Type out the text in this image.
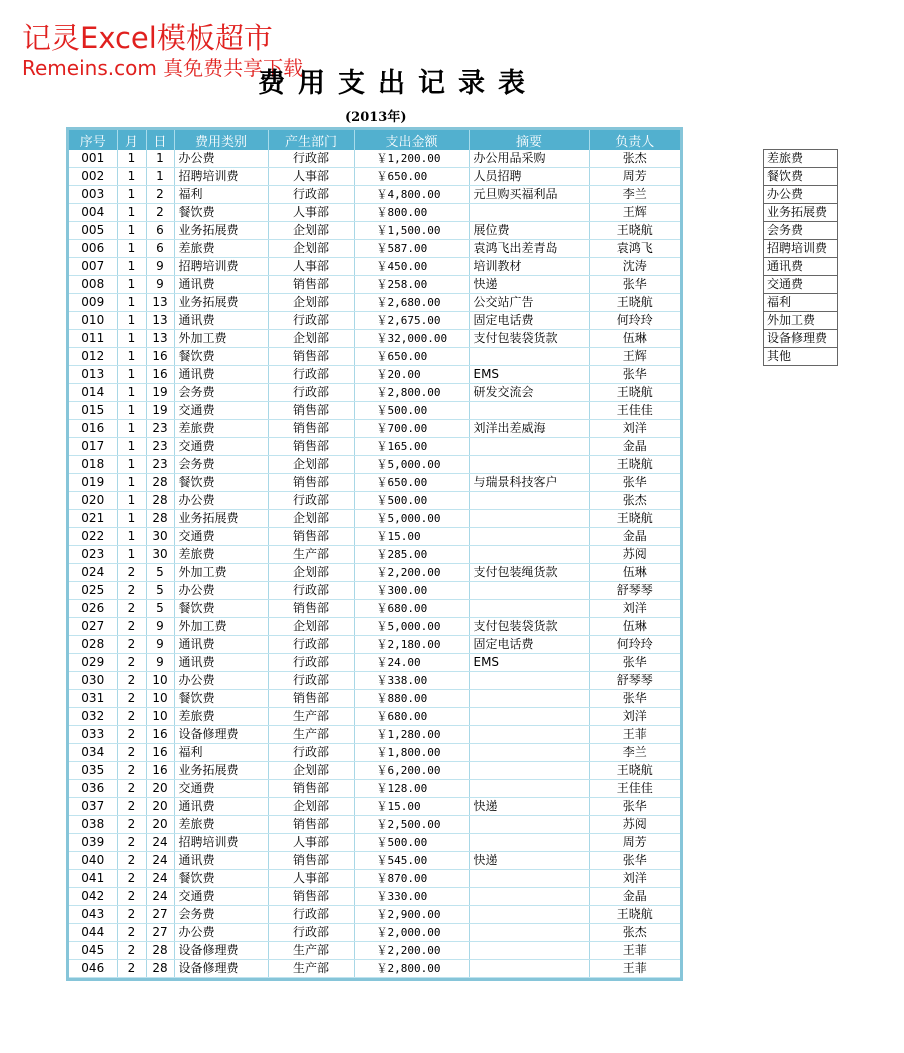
记灵Excel模板超市
Remeins.com 真免费共享下载
费用支出记录表
(2013年)
序号	月	日	费用类别	产生部门	支出金额	摘要	负责人
001	1	1	办公费	行政部	￥1,200.00	办公用品采购	张杰
002	1	1	招聘培训费	人事部	￥650.00	人员招聘	周芳
003	1	2	福利	行政部	￥4,800.00	元旦购买福利品	李兰
004	1	2	餐饮费	人事部	￥800.00		王辉
005	1	6	业务拓展费	企划部	￥1,500.00	展位费	王晓航
006	1	6	差旅费	企划部	￥587.00	袁鸿飞出差青岛	袁鸿飞
007	1	9	招聘培训费	人事部	￥450.00	培训教材	沈涛
008	1	9	通讯费	销售部	￥258.00	快递	张华
009	1	13	业务拓展费	企划部	￥2,680.00	公交站广告	王晓航
010	1	13	通讯费	行政部	￥2,675.00	固定电话费	何玲玲
011	1	13	外加工费	企划部	￥32,000.00	支付包装袋货款	伍琳
012	1	16	餐饮费	销售部	￥650.00		王辉
013	1	16	通讯费	行政部	￥20.00	EMS	张华
014	1	19	会务费	行政部	￥2,800.00	研发交流会	王晓航
015	1	19	交通费	销售部	￥500.00		王佳佳
016	1	23	差旅费	销售部	￥700.00	刘洋出差威海	刘洋
017	1	23	交通费	销售部	￥165.00		金晶
018	1	23	会务费	企划部	￥5,000.00		王晓航
019	1	28	餐饮费	销售部	￥650.00	与瑞景科技客户	张华
020	1	28	办公费	行政部	￥500.00		张杰
021	1	28	业务拓展费	企划部	￥5,000.00		王晓航
022	1	30	交通费	销售部	￥15.00		金晶
023	1	30	差旅费	生产部	￥285.00		苏阅
024	2	5	外加工费	企划部	￥2,200.00	支付包装绳货款	伍琳
025	2	5	办公费	行政部	￥300.00		舒琴琴
026	2	5	餐饮费	销售部	￥680.00		刘洋
027	2	9	外加工费	企划部	￥5,000.00	支付包装袋货款	伍琳
028	2	9	通讯费	行政部	￥2,180.00	固定电话费	何玲玲
029	2	9	通讯费	行政部	￥24.00	EMS	张华
030	2	10	办公费	行政部	￥338.00		舒琴琴
031	2	10	餐饮费	销售部	￥880.00		张华
032	2	10	差旅费	生产部	￥680.00		刘洋
033	2	16	设备修理费	生产部	￥1,280.00		王菲
034	2	16	福利	行政部	￥1,800.00		李兰
035	2	16	业务拓展费	企划部	￥6,200.00		王晓航
036	2	20	交通费	销售部	￥128.00		王佳佳
037	2	20	通讯费	企划部	￥15.00	快递	张华
038	2	20	差旅费	销售部	￥2,500.00		苏阅
039	2	24	招聘培训费	人事部	￥500.00		周芳
040	2	24	通讯费	销售部	￥545.00	快递	张华
041	2	24	餐饮费	人事部	￥870.00		刘洋
042	2	24	交通费	销售部	￥330.00		金晶
043	2	27	会务费	行政部	￥2,900.00		王晓航
044	2	27	办公费	行政部	￥2,000.00		张杰
045	2	28	设备修理费	生产部	￥2,200.00		王菲
046	2	28	设备修理费	生产部	￥2,800.00		王菲
差旅费
餐饮费
办公费
业务拓展费
会务费
招聘培训费
通讯费
交通费
福利
外加工费
设备修理费
其他
